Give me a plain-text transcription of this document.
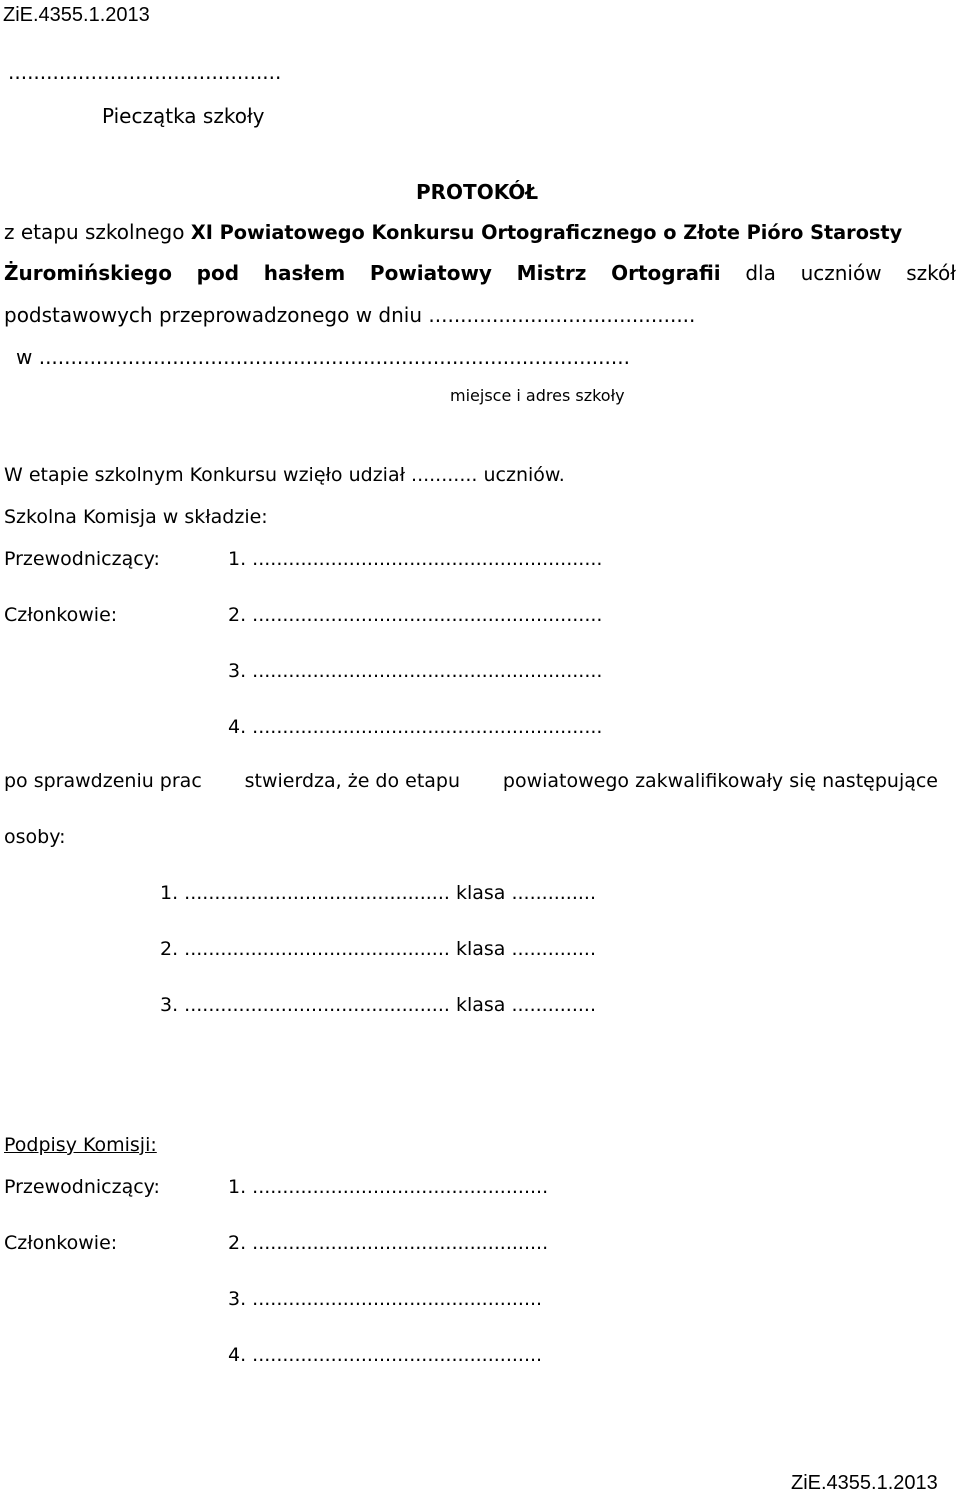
ZiE.4355.1.2013
...........................................
Pieczątka szkoły
PROTOKÓŁ
z etapu szkolnego XI Powiatowego Konkursu Ortograficznego o Złote Pióro Starosty
Żuromińskiego pod hasłem Powiatowy Mistrz Ortografii dla uczniów szkół
podstawowych przeprowadzonego w dniu ..........................................
w .............................................................................................
miejsce i adres szkoły
W etapie szkolnym Konkursu wzięło udział ........... uczniów.
Szkolna Komisja w składzie:
Przewodniczący:	1. ..........................................................
Członkowie:	2. ..........................................................
3. ..........................................................
4. ..........................................................
po sprawdzeniu prac stwierdza, że do etapu powiatowego zakwalifikowały się następujące
osoby:
1. ............................................ klasa ..............
2. ............................................ klasa ..............
3. ............................................ klasa ..............
Podpisy Komisji:
Przewodniczący:	1. .................................................
Członkowie:	2. .................................................
3. ................................................
4. ................................................
ZiE.4355.1.2013
